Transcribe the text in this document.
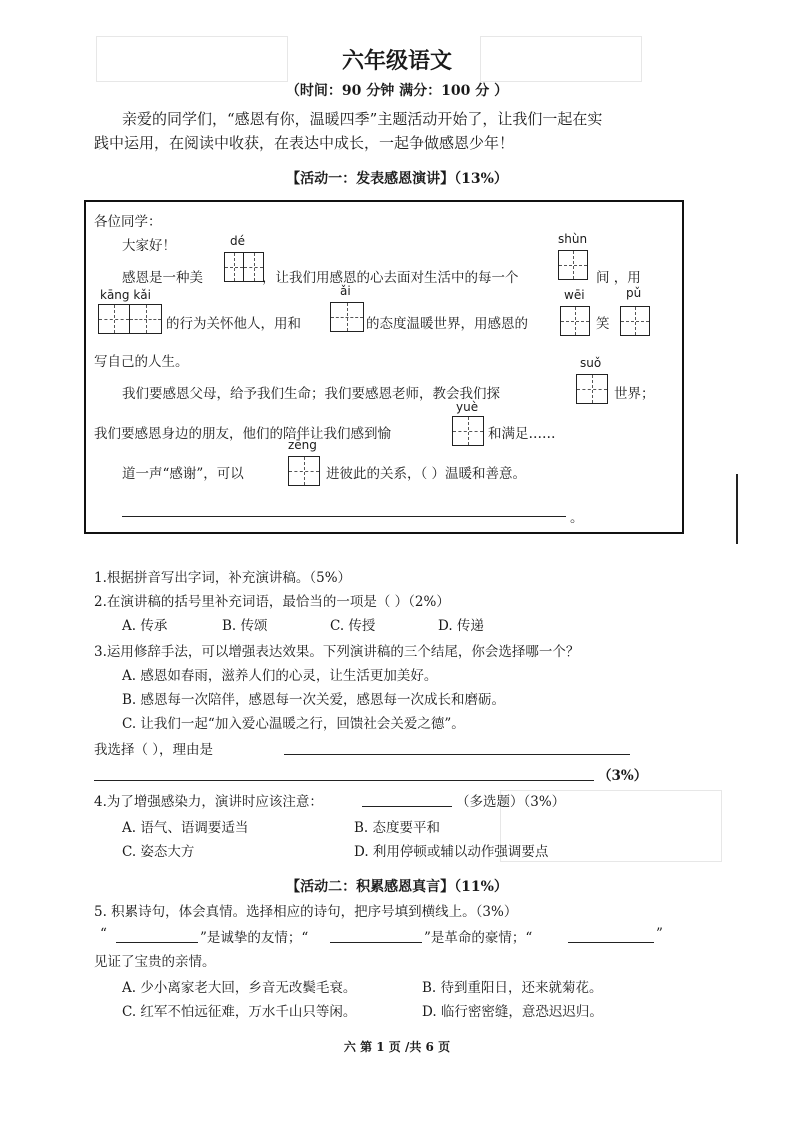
六年级语文
（时间：90 分钟 满分：100 分 ）
亲爱的同学们，“感恩有你，温暖四季”主题活动开始了，让我们一起在实
践中运用，在阅读中收获，在表达中成长，一起争做感恩少年！
【活动一：发表感恩演讲】（13%）
各位同学：
大家好！	dé	shùn
感恩是一种美	，让我们用感恩的心去面对生活中的每一个	间 ，用
kāng kǎi	ǎi	wēi	pǔ
的行为关怀他人，用和	的态度温暖世界，用感恩的	笑
写自己的人生。	suǒ
我们要感恩父母，给予我们生命；我们要感恩老师，教会我们探	世界；
yuè
我们要感恩身边的朋友，他们的陪伴让我们感到愉	和满足……
zēng
道一声“感谢”，可以	进彼此的关系，（ ）温暖和善意。
。
1.根据拼音写出字词，补充演讲稿。（5%）
2.在演讲稿的括号里补充词语，最恰当的一项是（ ）（2%）
A. 传承	B. 传颂	C. 传授	D. 传递
3.运用修辞手法，可以增强表达效果。下列演讲稿的三个结尾，你会选择哪一个？
A. 感恩如春雨，滋养人们的心灵，让生活更加美好。
B. 感恩每一次陪伴，感恩每一次关爱，感恩每一次成长和磨砺。
C. 让我们一起“加入爱心温暖之行，回馈社会关爱之德”。
我选择（ ），理由是
（3%）
4.为了增强感染力，演讲时应该注意：	（多选题）（3%）
A. 语气、语调要适当	B. 态度要平和
C. 姿态大方	D. 利用停顿或辅以动作强调要点
【活动二：积累感恩真言】（11%）
5. 积累诗句，体会真情。选择相应的诗句，把序号填到横线上。（3%）
“	”是诚挚的友情；“	”是革命的豪情；“	”
见证了宝贵的亲情。
A. 少小离家老大回，乡音无改鬓毛衰。	B. 待到重阳日，还来就菊花。
C. 红军不怕远征难，万水千山只等闲。	D. 临行密密缝，意恐迟迟归。
六 第 1 页 /共 6 页
